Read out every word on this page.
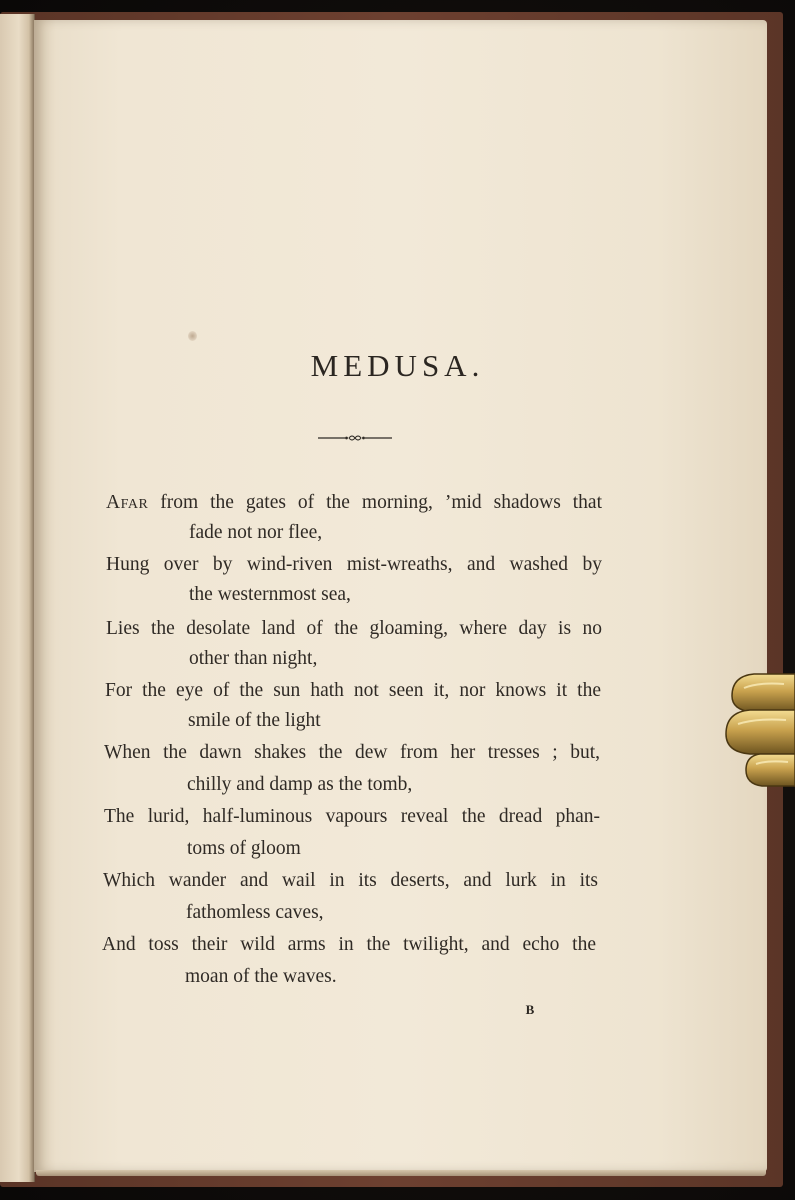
MEDUSA.
Afar from the gates of the morning, ’mid shadows that
fade not nor flee,
Hung over by wind-riven mist-wreaths, and washed by
the westernmost sea,
Lies the desolate land of the gloaming, where day is no
other than night,
For the eye of the sun hath not seen it, nor knows it the
smile of the light
When the dawn shakes the dew from her tresses ; but,
chilly and damp as the tomb,
The lurid, half-luminous vapours reveal the dread phan-
toms of gloom
Which wander and wail in its deserts, and lurk in its
fathomless caves,
And toss their wild arms in the twilight, and echo the
moan of the waves.
B
